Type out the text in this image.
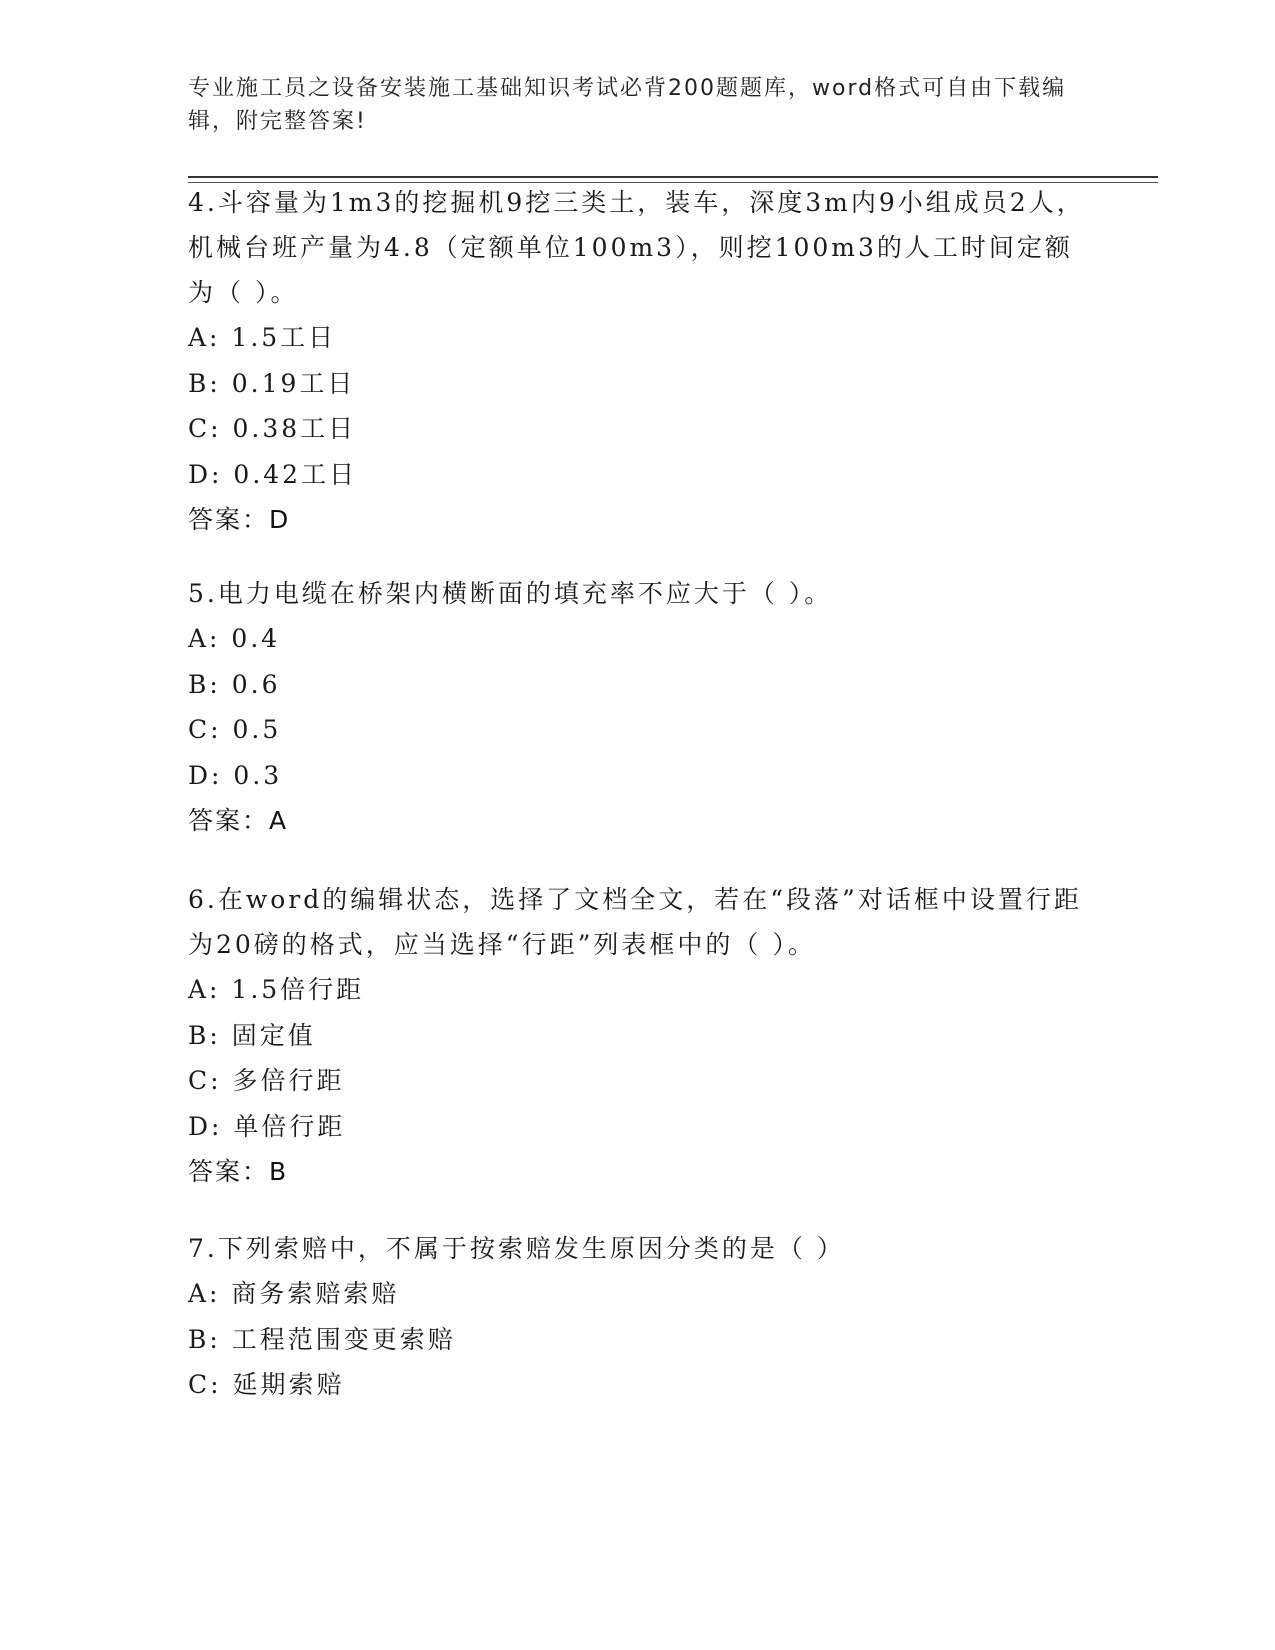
专业施工员之设备安装施工基础知识考试必背200题题库，word格式可自由下载编辑，附完整答案!

4.斗容量为1m3的挖掘机9挖三类土，装车，深度3m内9小组成员2人，机械台班产量为4.8（定额单位100m3），则挖100m3的人工时间定额为（ ）。

A: 1.5工日

B: 0.19工日

C: 0.38工日

D: 0.42工日

答案：D

5.电力电缆在桥架内横断面的填充率不应大于（ ）。

A: 0.4

B: 0.6

C: 0.5

D: 0.3

答案：A

6.在word的编辑状态，选择了文档全文，若在“段落”对话框中设置行距为20磅的格式，应当选择“行距”列表框中的（ ）。

A: 1.5倍行距

B: 固定值

C: 多倍行距

D: 单倍行距

答案：B

7.下列索赔中，不属于按索赔发生原因分类的是（ ）

A: 商务索赔索赔

B: 工程范围变更索赔

C: 延期索赔
